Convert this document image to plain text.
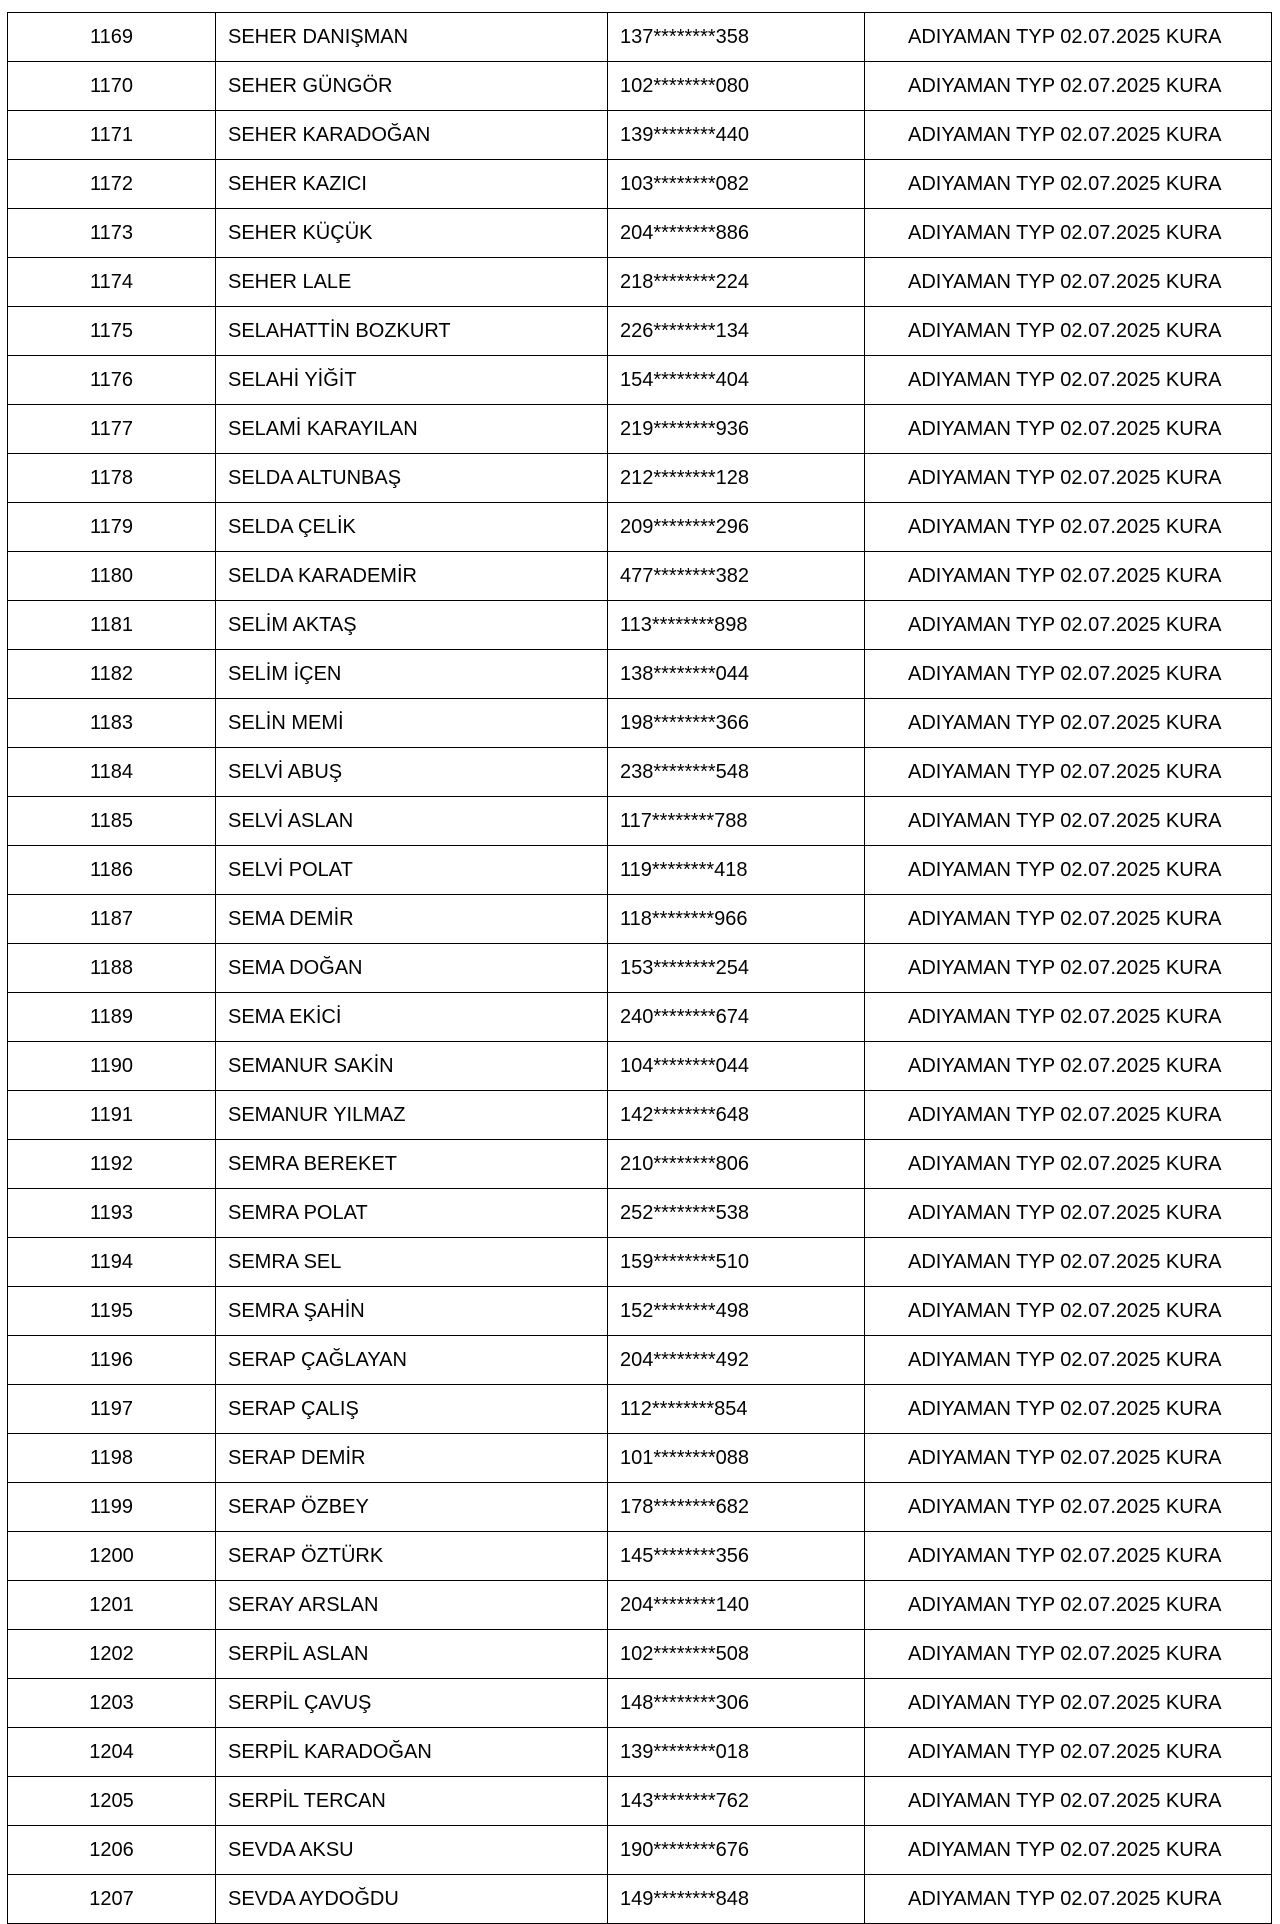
1169	SEHER DANIŞMAN	137********358	ADIYAMAN TYP 02.07.2025 KURA
1170	SEHER GÜNGÖR	102********080	ADIYAMAN TYP 02.07.2025 KURA
1171	SEHER KARADOĞAN	139********440	ADIYAMAN TYP 02.07.2025 KURA
1172	SEHER KAZICI	103********082	ADIYAMAN TYP 02.07.2025 KURA
1173	SEHER KÜÇÜK	204********886	ADIYAMAN TYP 02.07.2025 KURA
1174	SEHER LALE	218********224	ADIYAMAN TYP 02.07.2025 KURA
1175	SELAHATTİN BOZKURT	226********134	ADIYAMAN TYP 02.07.2025 KURA
1176	SELAHİ YİĞİT	154********404	ADIYAMAN TYP 02.07.2025 KURA
1177	SELAMİ KARAYILAN	219********936	ADIYAMAN TYP 02.07.2025 KURA
1178	SELDA ALTUNBAŞ	212********128	ADIYAMAN TYP 02.07.2025 KURA
1179	SELDA ÇELİK	209********296	ADIYAMAN TYP 02.07.2025 KURA
1180	SELDA KARADEMİR	477********382	ADIYAMAN TYP 02.07.2025 KURA
1181	SELİM AKTAŞ	113********898	ADIYAMAN TYP 02.07.2025 KURA
1182	SELİM İÇEN	138********044	ADIYAMAN TYP 02.07.2025 KURA
1183	SELİN MEMİ	198********366	ADIYAMAN TYP 02.07.2025 KURA
1184	SELVİ ABUŞ	238********548	ADIYAMAN TYP 02.07.2025 KURA
1185	SELVİ ASLAN	117********788	ADIYAMAN TYP 02.07.2025 KURA
1186	SELVİ POLAT	119********418	ADIYAMAN TYP 02.07.2025 KURA
1187	SEMA DEMİR	118********966	ADIYAMAN TYP 02.07.2025 KURA
1188	SEMA DOĞAN	153********254	ADIYAMAN TYP 02.07.2025 KURA
1189	SEMA EKİCİ	240********674	ADIYAMAN TYP 02.07.2025 KURA
1190	SEMANUR SAKİN	104********044	ADIYAMAN TYP 02.07.2025 KURA
1191	SEMANUR YILMAZ	142********648	ADIYAMAN TYP 02.07.2025 KURA
1192	SEMRA BEREKET	210********806	ADIYAMAN TYP 02.07.2025 KURA
1193	SEMRA POLAT	252********538	ADIYAMAN TYP 02.07.2025 KURA
1194	SEMRA SEL	159********510	ADIYAMAN TYP 02.07.2025 KURA
1195	SEMRA ŞAHİN	152********498	ADIYAMAN TYP 02.07.2025 KURA
1196	SERAP ÇAĞLAYAN	204********492	ADIYAMAN TYP 02.07.2025 KURA
1197	SERAP ÇALIŞ	112********854	ADIYAMAN TYP 02.07.2025 KURA
1198	SERAP DEMİR	101********088	ADIYAMAN TYP 02.07.2025 KURA
1199	SERAP ÖZBEY	178********682	ADIYAMAN TYP 02.07.2025 KURA
1200	SERAP ÖZTÜRK	145********356	ADIYAMAN TYP 02.07.2025 KURA
1201	SERAY ARSLAN	204********140	ADIYAMAN TYP 02.07.2025 KURA
1202	SERPİL ASLAN	102********508	ADIYAMAN TYP 02.07.2025 KURA
1203	SERPİL ÇAVUŞ	148********306	ADIYAMAN TYP 02.07.2025 KURA
1204	SERPİL KARADOĞAN	139********018	ADIYAMAN TYP 02.07.2025 KURA
1205	SERPİL TERCAN	143********762	ADIYAMAN TYP 02.07.2025 KURA
1206	SEVDA AKSU	190********676	ADIYAMAN TYP 02.07.2025 KURA
1207	SEVDA AYDOĞDU	149********848	ADIYAMAN TYP 02.07.2025 KURA
